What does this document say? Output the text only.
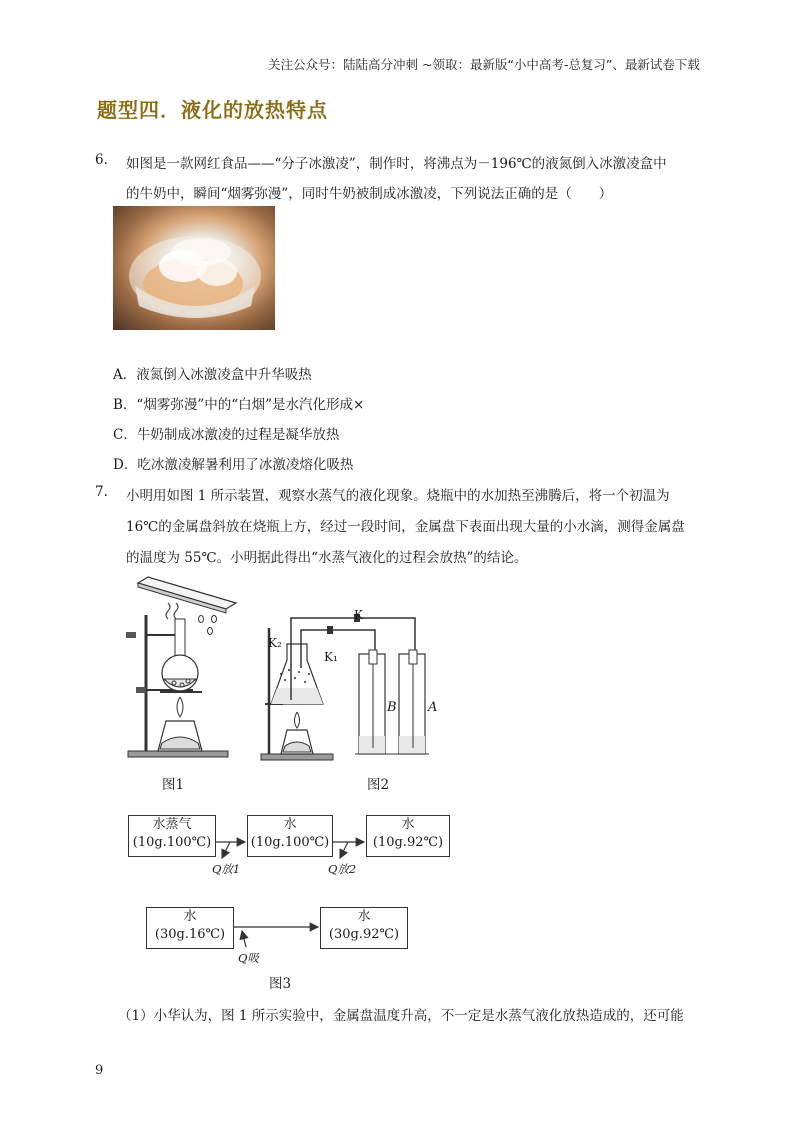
关注公众号：陆陆高分冲刺 ~领取：最新版“小中高考-总复习”、最新试卷下载
题型四．液化的放热特点
6. 如图是一款网红食品——“分子冰激凌”，制作时，将沸点为－196℃的液氮倒入冰激凌盒中
的牛奶中，瞬间“烟雾弥漫”，同时牛奶被制成冰激凌，下列说法正确的是（　　）
A．液氮倒入冰激凌盒中升华吸热
B．“烟雾弥漫”中的“白烟”是水汽化形成×
C．牛奶制成冰激凌的过程是凝华放热
D．吃冰激凌解暑利用了冰激凌熔化吸热
7. 小明用如图 1 所示装置，观察水蒸气的液化现象。烧瓶中的水加热至沸腾后，将一个初温为
16℃的金属盘斜放在烧瓶上方，经过一段时间，金属盘下表面出现大量的小水滴，测得金属盘
的温度为 55℃。小明据此得出“水蒸气液化的过程会放热”的结论。
图1
K
K₁
K₂
B A
图2
水蒸气
(10g.100℃)
水
(10g.100℃)
水
(10g.92℃)
Q放1	Q放2
水
(30g.16℃)
水
(30g.92℃)
Q吸
图3
（1）小华认为，图 1 所示实验中，金属盘温度升高，不一定是水蒸气液化放热造成的，还可能
9
